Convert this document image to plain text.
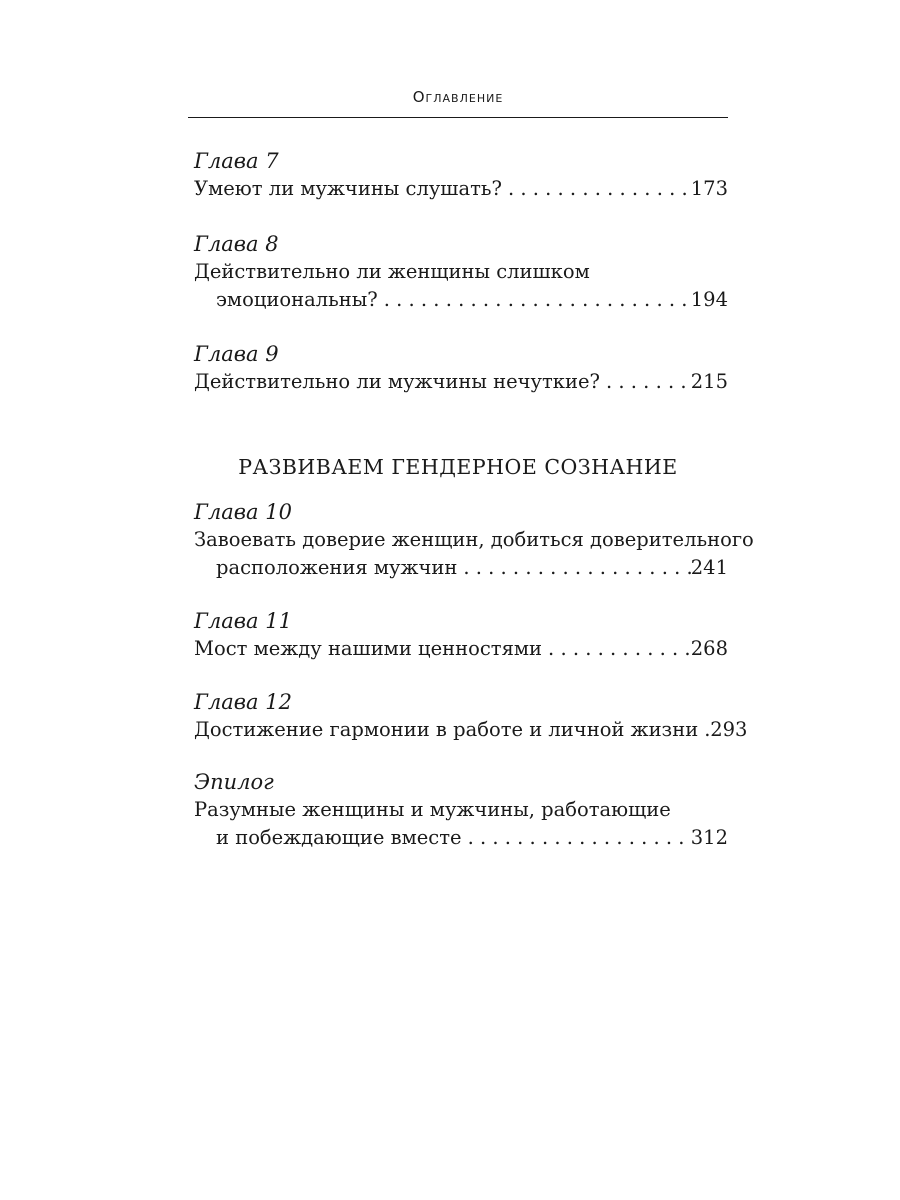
Оглавление
Глава 7
Умеют ли мужчины слушать? . . .	173
Глава 8
Действительно ли женщины слишком
эмоциональны? . . .	194
Глава 9
Действительно ли мужчины нечуткие? . . .	215
РАЗВИВАЕМ ГЕНДЕРНОЕ СОЗНАНИЕ
Глава 10
Завоевать доверие женщин, добиться доверительного
расположения мужчин . . .	241
Глава 11
Мост между нашими ценностями . . .	268
Глава 12
Достижение гармонии в работе и личной жизни . . . 293
Эпилог
Разумные женщины и мужчины, работающие
и побеждающие вместе . . .	312
